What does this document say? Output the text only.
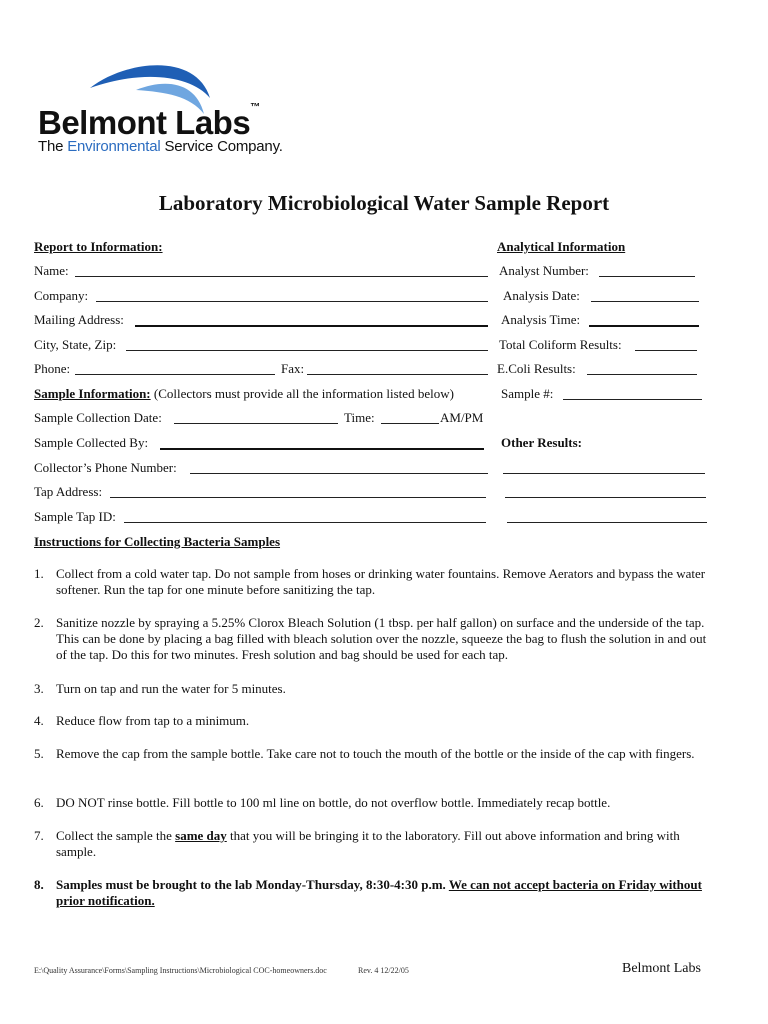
Belmont Labs™
The Environmental Service Company.
Laboratory Microbiological Water Sample Report
Report to Information:
Name:
Company:
Mailing Address:
City, State, Zip:
Phone:	Fax:
Sample Information: (Collectors must provide all the information listed below)
Sample Collection Date:	Time:	AM/PM
Sample Collected By:
Collector’s Phone Number:
Tap Address:
Sample Tap ID:
Analytical Information
Analyst Number:
Analysis Date:
Analysis Time:
Total Coliform Results:
E.Coli Results:
Sample #:
Other Results:
Instructions for Collecting Bacteria Samples
1. Collect from a cold water tap. Do not sample from hoses or drinking water fountains. Remove Aerators and bypass the water softener. Run the tap for one minute before sanitizing the tap.
2. Sanitize nozzle by spraying a 5.25% Clorox Bleach Solution (1 tbsp. per half gallon) on surface and the underside of the tap. This can be done by placing a bag filled with bleach solution over the nozzle, squeeze the bag to flush the solution in and out of the tap. Do this for two minutes. Fresh solution and bag should be used for each tap.
3. Turn on tap and run the water for 5 minutes.
4. Reduce flow from tap to a minimum.
5. Remove the cap from the sample bottle. Take care not to touch the mouth of the bottle or the inside of the cap with fingers.
6. DO NOT rinse bottle. Fill bottle to 100 ml line on bottle, do not overflow bottle. Immediately recap bottle.
7. Collect the sample the same day that you will be bringing it to the laboratory. Fill out above information and bring with sample.
8. Samples must be brought to the lab Monday-Thursday, 8:30-4:30 p.m. We can not accept bacteria on Friday without prior notification.
E:\Quality Assurance\Forms\Sampling Instructions\Microbiological COC-homeowners.doc	Rev. 4 12/22/05	Belmont Labs
